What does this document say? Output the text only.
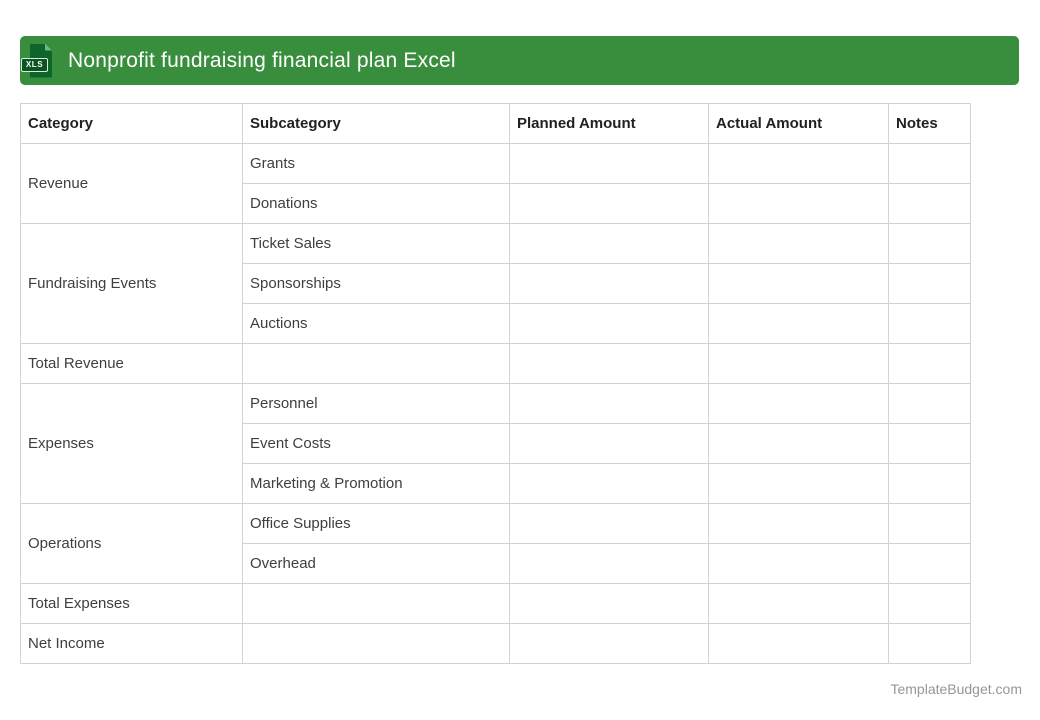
XLS Nonprofit fundraising financial plan Excel
Category	Subcategory	Planned Amount	Actual Amount	Notes
Revenue	Grants			
	Donations			
Fundraising Events	Ticket Sales			
	Sponsorships			
	Auctions			
Total Revenue				
Expenses	Personnel			
	Event Costs			
	Marketing & Promotion			
Operations	Office Supplies			
	Overhead			
Total Expenses				
Net Income				
TemplateBudget.com
